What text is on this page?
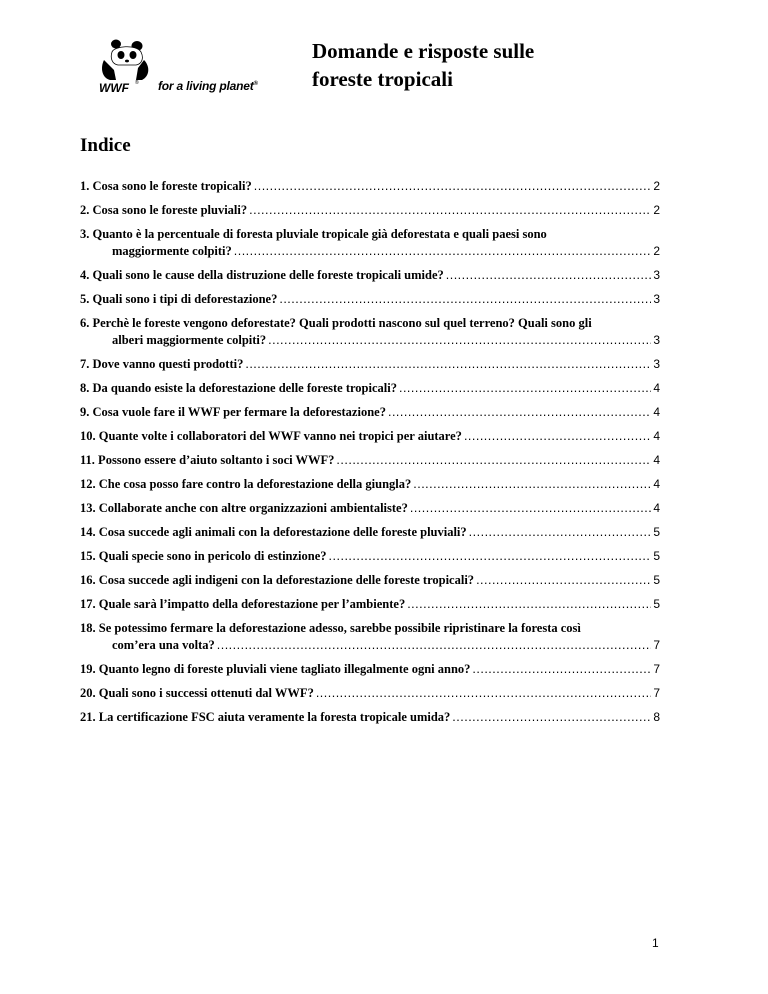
WWF ® for a living planet®
Domande e risposte sulle
foreste tropicali
Indice
1. Cosa sono le foreste tropicali? .....	2
2. Cosa sono le foreste pluviali? .....	2
3. Quanto è la percentuale di foresta pluviale tropicale già deforestata e quali paesi sono
maggiormente colpiti? .....	2
4. Quali sono le cause della distruzione delle foreste tropicali umide? .....	3
5. Quali sono i tipi di deforestazione? .....	3
6. Perchè le foreste vengono deforestate? Quali prodotti nascono sul quel terreno? Quali sono gli
alberi maggiormente colpiti? .....	3
7. Dove vanno questi prodotti? .....	3
8. Da quando esiste la deforestazione delle foreste tropicali? .....	4
9. Cosa vuole fare il WWF per fermare la deforestazione? .....	4
10. Quante volte i collaboratori del WWF vanno nei tropici per aiutare? .....	4
11. Possono essere d’aiuto soltanto i soci WWF? .....	4
12. Che cosa posso fare contro la deforestazione della giungla? .....	4
13. Collaborate anche con altre organizzazioni ambientaliste? .....	4
14. Cosa succede agli animali con la deforestazione delle foreste pluviali? .....	5
15. Quali specie sono in pericolo di estinzione? .....	5
16. Cosa succede agli indigeni con la deforestazione delle foreste tropicali? .....	5
17. Quale sarà l’impatto della deforestazione per l’ambiente? .....	5
18. Se potessimo fermare la deforestazione adesso, sarebbe possibile ripristinare la foresta così
com’era una volta? .....	7
19. Quanto legno di foreste pluviali viene tagliato illegalmente ogni anno? .....	7
20. Quali sono i successi ottenuti dal WWF? .....	7
21. La certificazione FSC aiuta veramente la foresta tropicale umida? .....	8
1
